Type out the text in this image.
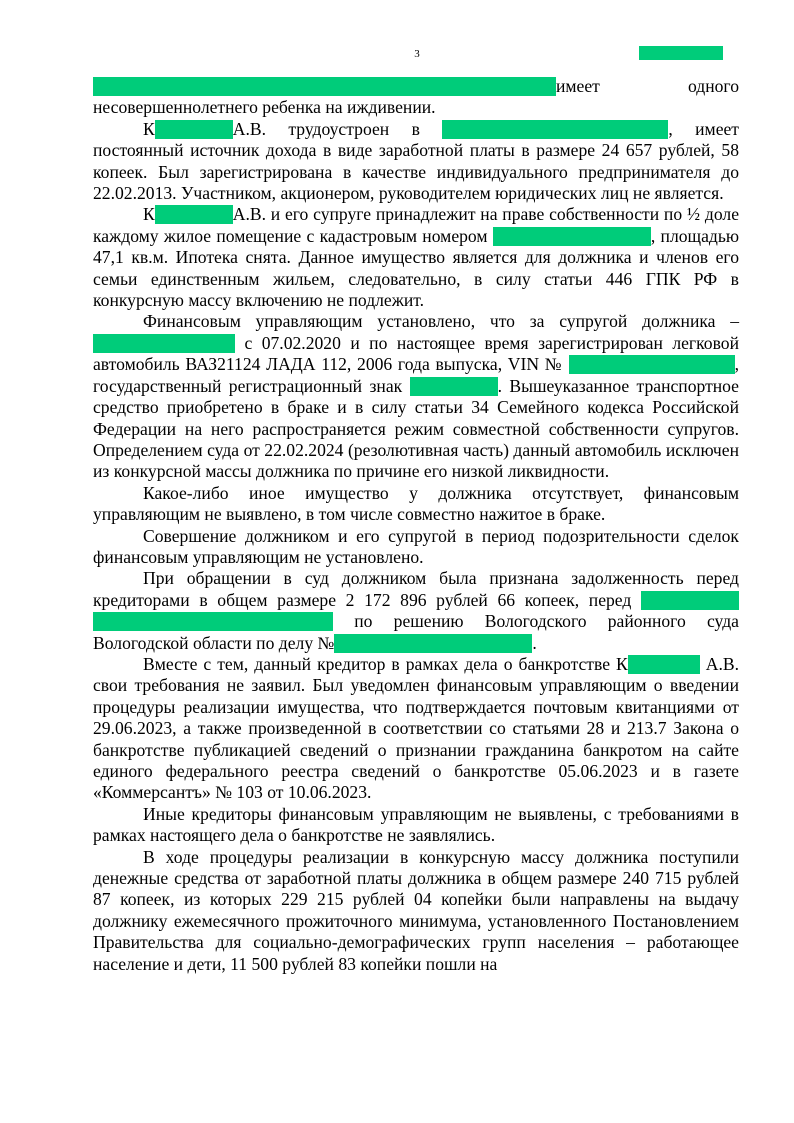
3

имеет одного несовершеннолетнего ребенка на иждивении.

К	А.В. трудоустроен в	, имеет постоянный источник дохода в виде заработной платы в размере 24 657 рублей, 58 копеек. Был зарегистрирована в качестве индивидуального предпринимателя до 22.02.2013. Участником, акционером, руководителем юридических лиц не является.

К	А.В. и его супруге принадлежит на праве собственности по ½ доле каждому жилое помещение с кадастровым номером	, площадью 47,1 кв.м. Ипотека снята. Данное имущество является для должника и членов его семьи единственным жильем, следовательно, в силу статьи 446 ГПК РФ в конкурсную массу включению не подлежит.

Финансовым управляющим установлено, что за супругой должника –  с 07.02.2020 и по настоящее время зарегистрирован легковой автомобиль ВАЗ21124 ЛАДА 112, 2006 года выпуска, VIN №	, государственный регистрационный знак	. Вышеуказанное транспортное средство приобретено в браке и в силу статьи 34 Семейного кодекса Российской Федерации на него распространяется режим совместной собственности супругов. Определением суда от 22.02.2024 (резолютивная часть) данный автомобиль исключен из конкурсной массы должника по причине его низкой ликвидности.

Какое-либо иное имущество у должника отсутствует, финансовым управляющим не выявлено, в том числе совместно нажитое в браке.

Совершение должником и его супругой в период подозрительности сделок финансовым управляющим не установлено.

При обращении в суд должником была признана задолженность перед кредиторами в общем размере 2 172 896 рублей 66 копеек, перед   по решению Вологодского районного суда Вологодской области по делу №	.

Вместе с тем, данный кредитор в рамках дела о банкротстве К	А.В. свои требования не заявил. Был уведомлен финансовым управляющим о введении процедуры реализации имущества, что подтверждается почтовым квитанциями от 29.06.2023, а также произведенной в соответствии со статьями 28 и 213.7 Закона о банкротстве публикацией сведений о признании гражданина банкротом на сайте единого федерального реестра сведений о банкротстве 05.06.2023 и в газете «Коммерсантъ» № 103 от 10.06.2023.

Иные кредиторы финансовым управляющим не выявлены, с требованиями в рамках настоящего дела о банкротстве не заявлялись.

В ходе процедуры реализации в конкурсную массу должника поступили денежные средства от заработной платы должника в общем размере 240 715 рублей 87 копеек, из которых 229 215 рублей 04 копейки были направлены на выдачу должнику ежемесячного прожиточного минимума, установленного Постановлением Правительства для социально-демографических групп населения – работающее население и дети, 11 500 рублей 83 копейки пошли на
